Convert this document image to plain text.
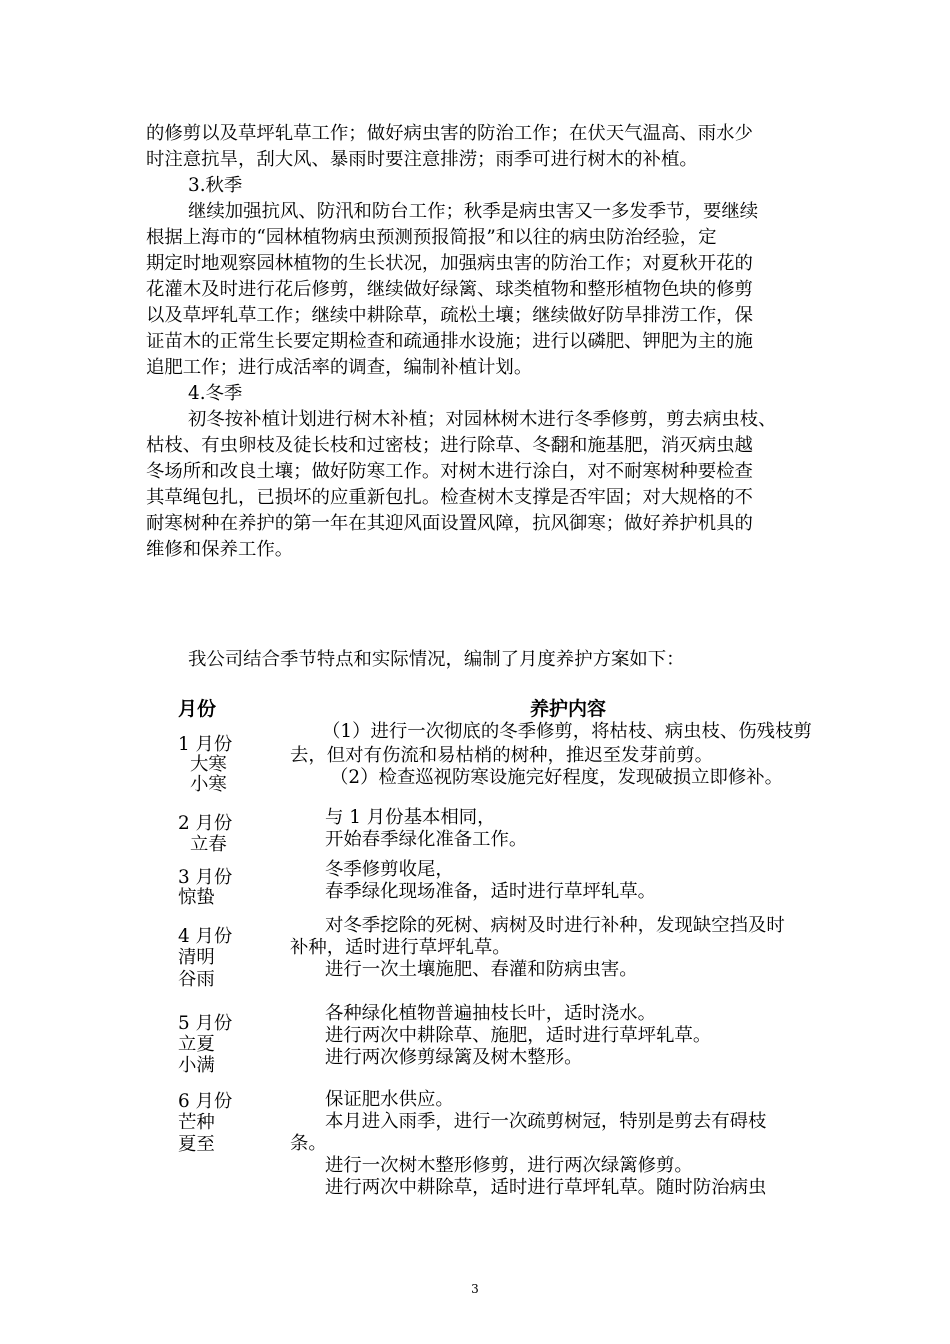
的修剪以及草坪轧草工作；做好病虫害的防治工作；在伏天气温高、雨水少
时注意抗旱，刮大风、暴雨时要注意排涝；雨季可进行树木的补植。
3.秋季
继续加强抗风、防汛和防台工作；秋季是病虫害又一多发季节，要继续
根据上海市的“园林植物病虫预测预报简报”和以往的病虫防治经验，定
期定时地观察园林植物的生长状况，加强病虫害的防治工作；对夏秋开花的
花灌木及时进行花后修剪，继续做好绿篱、球类植物和整形植物色块的修剪
以及草坪轧草工作；继续中耕除草，疏松土壤；继续做好防旱排涝工作，保
证苗木的正常生长要定期检查和疏通排水设施；进行以磷肥、钾肥为主的施
追肥工作；进行成活率的调查，编制补植计划。
4.冬季
初冬按补植计划进行树木补植；对园林树木进行冬季修剪，剪去病虫枝、
枯枝、有虫卵枝及徒长枝和过密枝；进行除草、冬翻和施基肥，消灭病虫越
冬场所和改良土壤；做好防寒工作。对树木进行涂白，对不耐寒树种要检查
其草绳包扎，已损坏的应重新包扎。检查树木支撑是否牢固；对大规格的不
耐寒树种在养护的第一年在其迎风面设置风障，抗风御寒；做好养护机具的
维修和保养工作。
我公司结合季节特点和实际情况，编制了月度养护方案如下：
月份	养护内容
1 月份
大寒
小寒
（1）进行一次彻底的冬季修剪，将枯枝、病虫枝、伤残枝剪
去，但对有伤流和易枯梢的树种，推迟至发芽前剪。
（2）检查巡视防寒设施完好程度，发现破损立即修补。
2 月份
立春
与 1 月份基本相同，
开始春季绿化准备工作。
3 月份
惊蛰
冬季修剪收尾，
春季绿化现场准备，适时进行草坪轧草。
4 月份
清明
谷雨
对冬季挖除的死树、病树及时进行补种，发现缺空挡及时
补种，适时进行草坪轧草。
进行一次土壤施肥、春灌和防病虫害。
5 月份
立夏
小满
各种绿化植物普遍抽枝长叶，适时浇水。
进行两次中耕除草、施肥，适时进行草坪轧草。
进行两次修剪绿篱及树木整形。
6 月份
芒种
夏至
保证肥水供应。
本月进入雨季，进行一次疏剪树冠，特别是剪去有碍枝
条。
进行一次树木整形修剪，进行两次绿篱修剪。
进行两次中耕除草，适时进行草坪轧草。随时防治病虫
3
